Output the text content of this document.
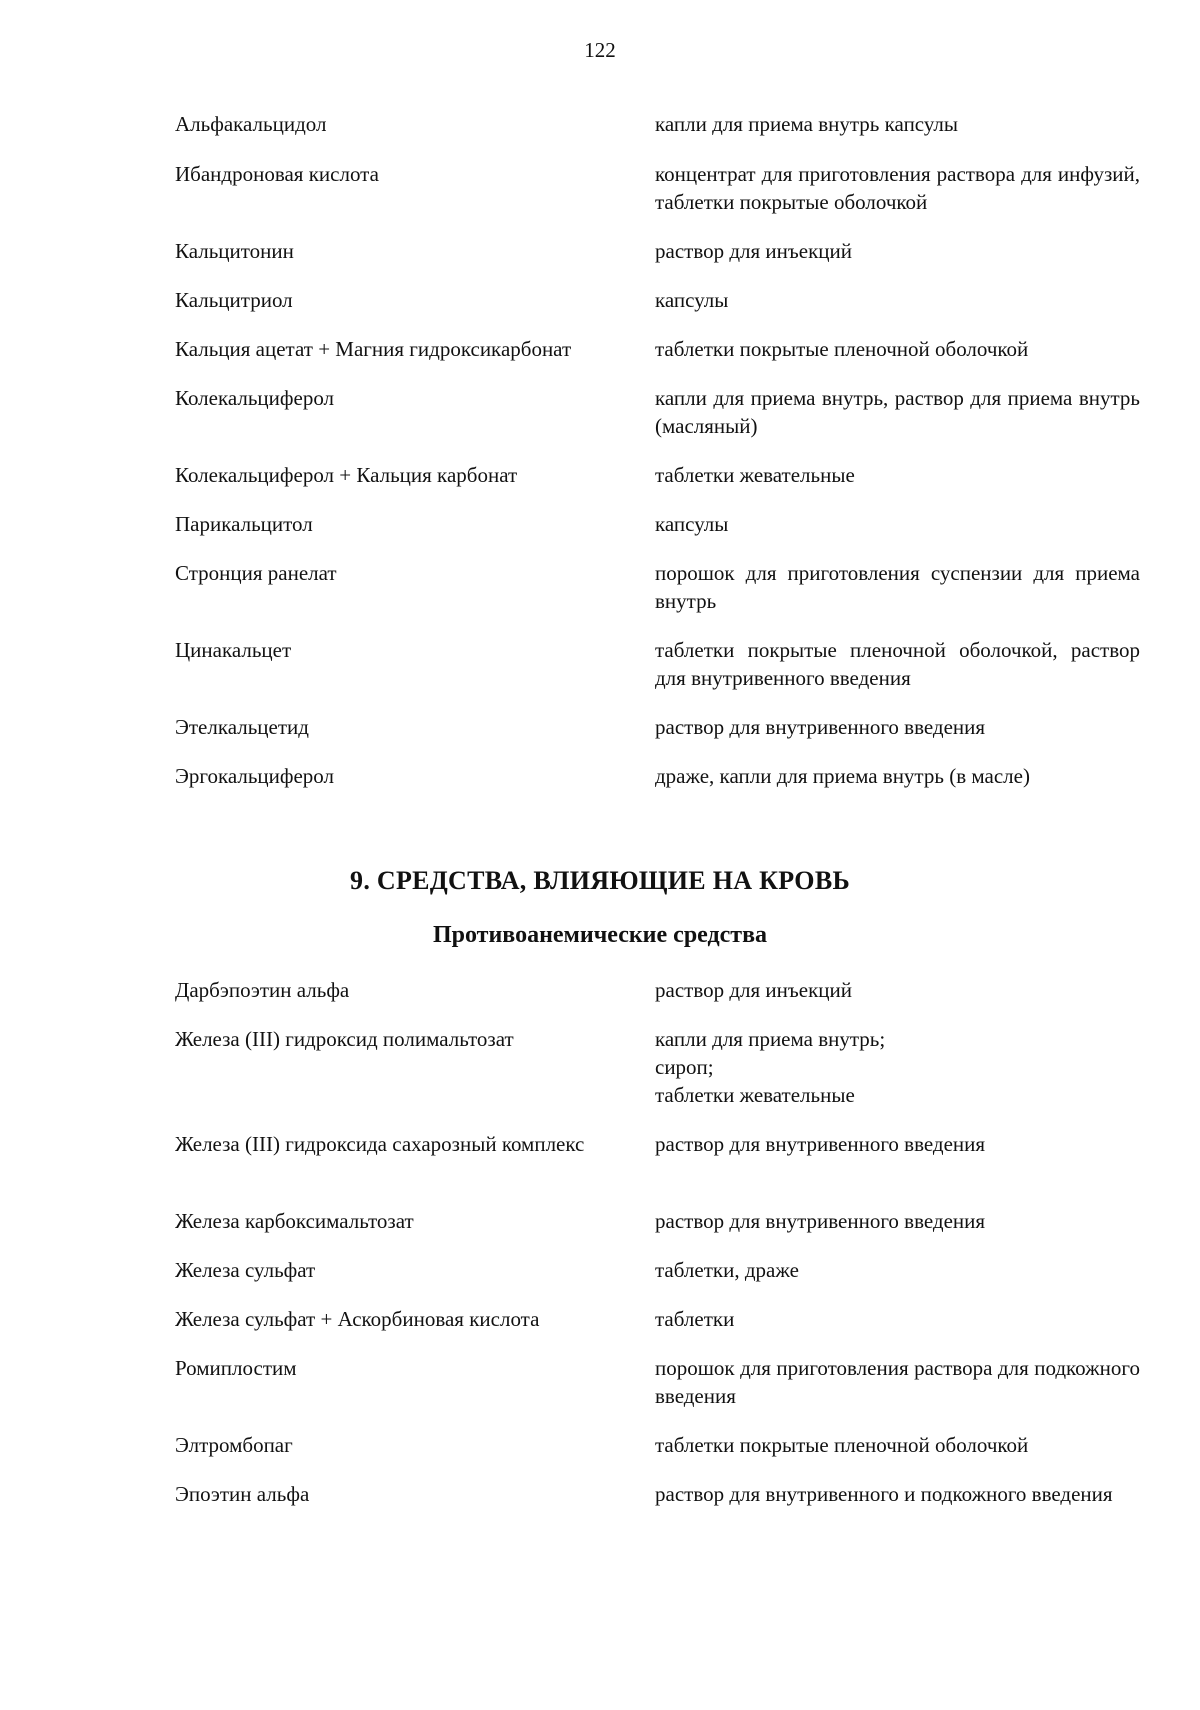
122
Альфакальцидол	капли для приема внутрь капсулы
Ибандроновая кислота	концентрат для приготовления раствора для инфузий, таблетки покрытые оболочкой
Кальцитонин	раствор для инъекций
Кальцитриол	капсулы
Кальция ацетат + Магния гидроксикарбонат	таблетки покрытые пленочной оболочкой
Колекальциферол	капли для приема внутрь, раствор для приема внутрь (масляный)
Колекальциферол + Кальция карбонат	таблетки жевательные
Парикальцитол	капсулы
Стронция ранелат	порошок для приготовления суспензии для приема внутрь
Цинакальцет	таблетки покрытые пленочной оболочкой, раствор для внутривенного введения
Этелкальцетид	раствор для внутривенного введения
Эргокальциферол	драже, капли для приема внутрь (в масле)
9. СРЕДСТВА, ВЛИЯЮЩИЕ НА КРОВЬ
Противоанемические средства
Дарбэпоэтин альфа	раствор для инъекций
Железа (III) гидроксид полимальтозат	капли для приема внутрь;
сироп;
таблетки жевательные
Железа (III) гидроксида сахарозный комплекс	раствор для внутривенного введения
Железа карбоксимальтозат	раствор для внутривенного введения
Железа сульфат	таблетки, драже
Железа сульфат + Аскорбиновая кислота	таблетки
Ромиплостим	порошок для приготовления раствора для подкожного введения
Элтромбопаг	таблетки покрытые пленочной оболочкой
Эпоэтин альфа	раствор для внутривенного и подкожного введения
